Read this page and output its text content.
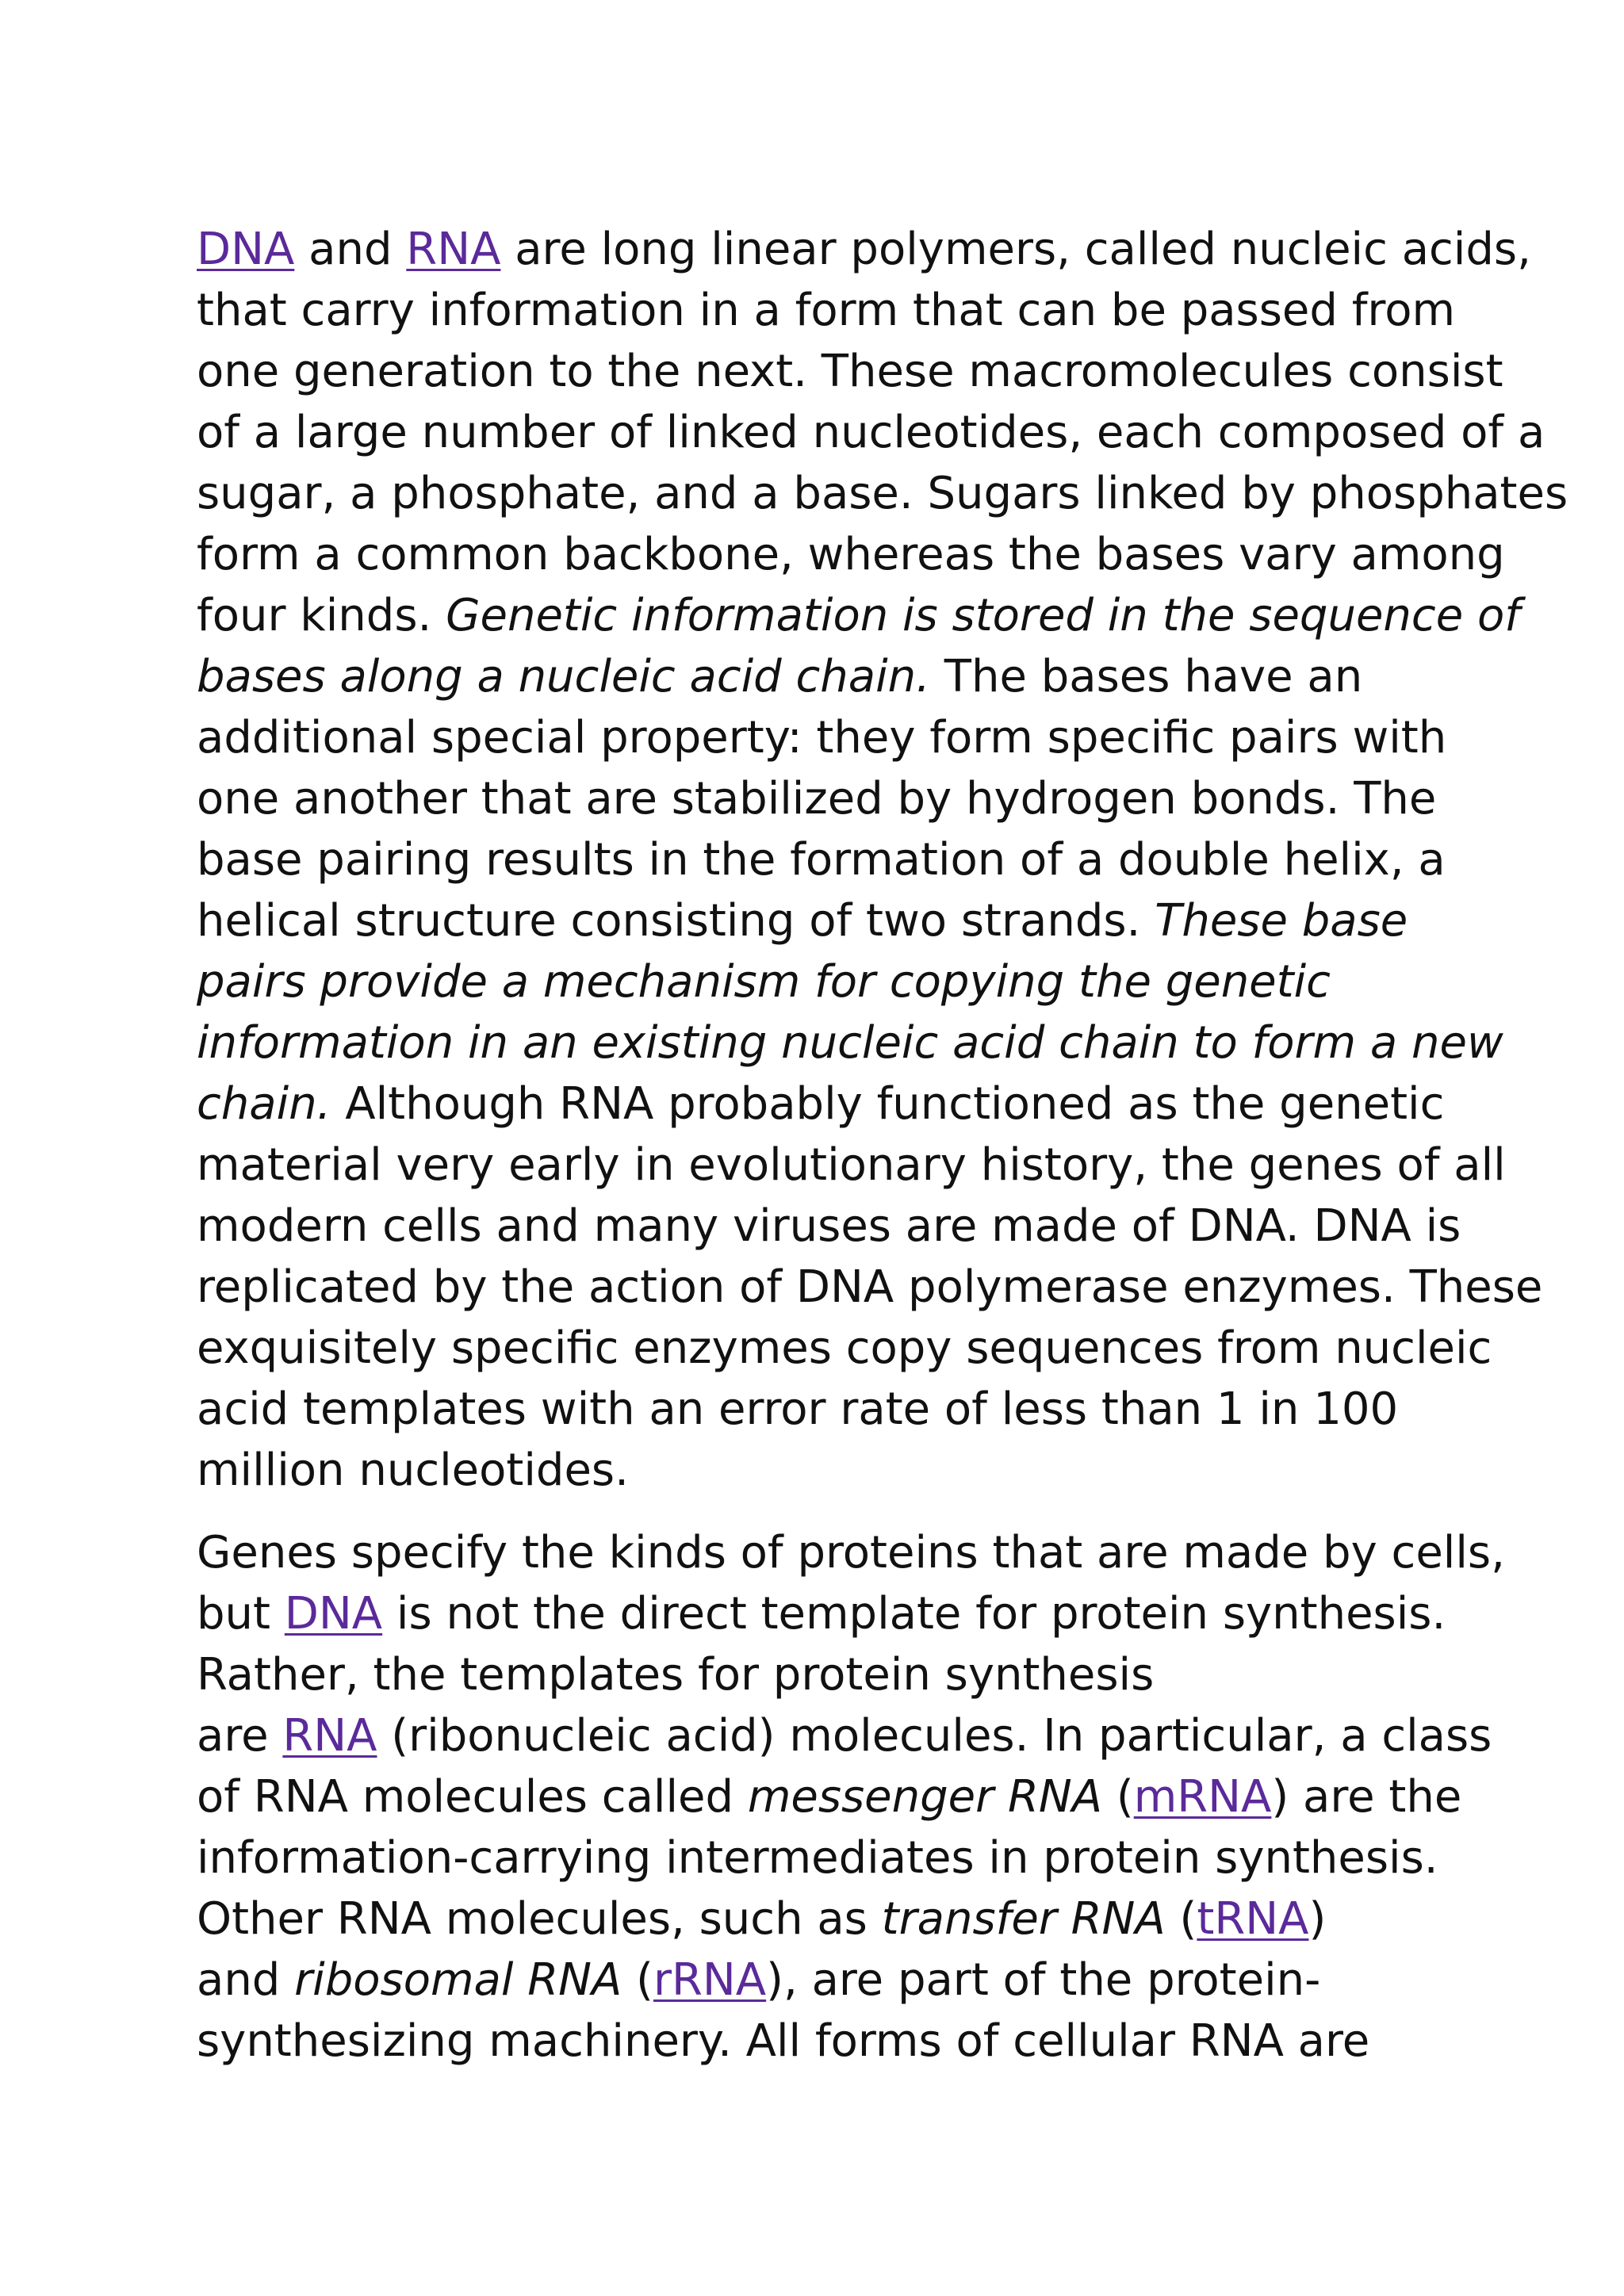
DNA and RNA are long linear polymers, called nucleic acids,
that carry information in a form that can be passed from
one generation to the next. These macromolecules consist
of a large number of linked nucleotides, each composed of a
sugar, a phosphate, and a base. Sugars linked by phosphates
form a common backbone, whereas the bases vary among
four kinds. Genetic information is stored in the sequence of
bases along a nucleic acid chain. The bases have an
additional special property: they form specific pairs with
one another that are stabilized by hydrogen bonds. The
base pairing results in the formation of a double helix, a
helical structure consisting of two strands. These base
pairs provide a mechanism for copying the genetic
information in an existing nucleic acid chain to form a new
chain. Although RNA probably functioned as the genetic
material very early in evolutionary history, the genes of all
modern cells and many viruses are made of DNA. DNA is
replicated by the action of DNA polymerase enzymes. These
exquisitely specific enzymes copy sequences from nucleic
acid templates with an error rate of less than 1 in 100
million nucleotides.

Genes specify the kinds of proteins that are made by cells,
but DNA is not the direct template for protein synthesis.
Rather, the templates for protein synthesis
are RNA (ribonucleic acid) molecules. In particular, a class
of RNA molecules called messenger RNA (mRNA) are the
information-carrying intermediates in protein synthesis.
Other RNA molecules, such as transfer RNA (tRNA)
and ribosomal RNA (rRNA), are part of the protein-
synthesizing machinery. All forms of cellular RNA are
